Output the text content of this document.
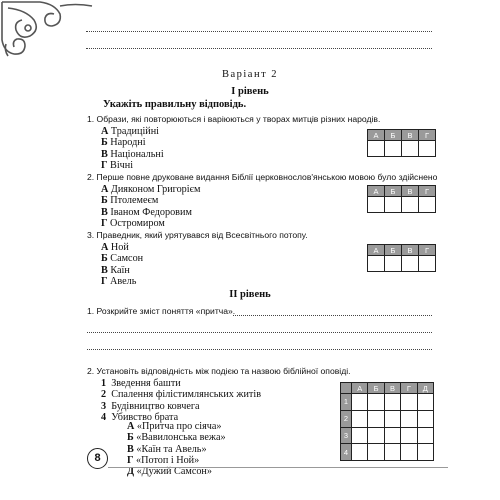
Варіант 2
І рівень
Укажіть правильну відповідь.
1. Образи, які повторюються і варіюються у творах митців різних народів.
А Традиційні
Б Народні
В Національні
Г Вічні
А	Б	В	Г

2. Перше повне друковане видання Біблії церковнослов'янською мовою було здійснено
А Дияконом Григорієм
Б Птолемеєм
В Іваном Федоровим
Г Остромиром
А	Б	В	Г

3. Праведник, який урятувався від Всесвітнього потопу.
А Ной
Б Самсон
В Каїн
Г Авель
А	Б	В	Г

ІІ рівень
1. Розкрийте зміст поняття «притча».
2. Установіть відповідність між подією та назвою біблійної оповіді.
1 Зведення башти
2 Спалення філістимлянських житів
3 Будівництво ковчега
4 Убивство брата
А «Притча про сіяча»
Б «Вавилонська вежа»
В «Каїн та Авель»
Г «Потоп і Ной»
Д «Дужий Самсон»
	А	Б	В	Г	Д
1					
2					
3					
4					
8
